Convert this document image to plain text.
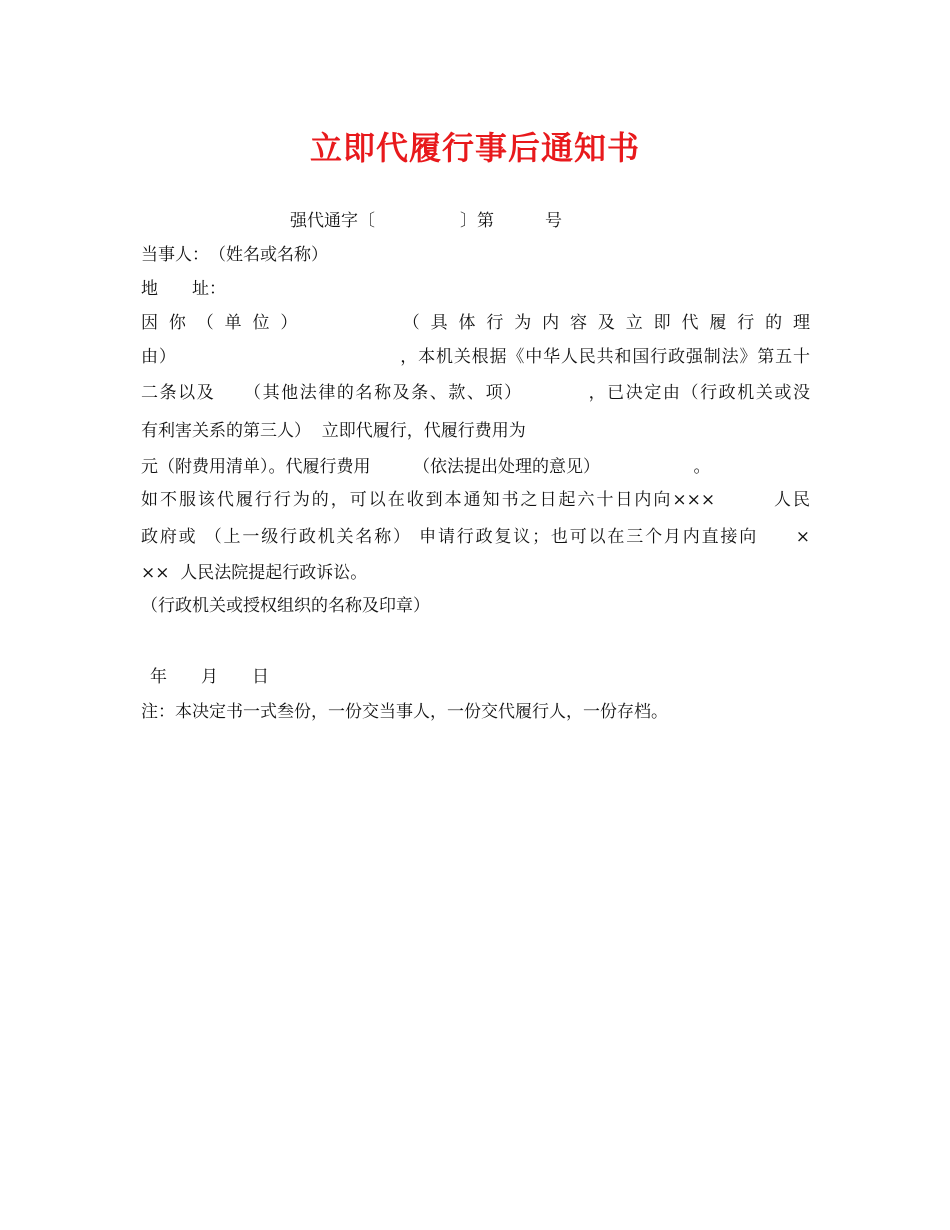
立即代履行事后通知书
强代通字〔　　　　　〕第　　　号
当事人：　（姓名或名称）
地　　址：
因你（单位）　　　　（具体行为内容及立即代履行的理
由）　　　　　　　　　　　　　，本机关根据《中华人民共和国行政强制法》第五十
二条以及　　（其他法律的名称及条、款、项）　　　　，已决定由（行政机关或没
有利害关系的第三人）  立即代履行，代履行费用为
元（附费用清单）。代履行费用　　　（依法提出处理的意见）　　　　　　。
如不服该代履行行为的，可以在收到本通知书之日起六十日内向×××　　　人民
政府或 （上一级行政机关名称） 申请行政复议；也可以在三个月内直接向　　×
××  人民法院提起行政诉讼。
（行政机关或授权组织的名称及印章）
年　　月　　日
注：本决定书一式叁份，一份交当事人，一份交代履行人，一份存档。
